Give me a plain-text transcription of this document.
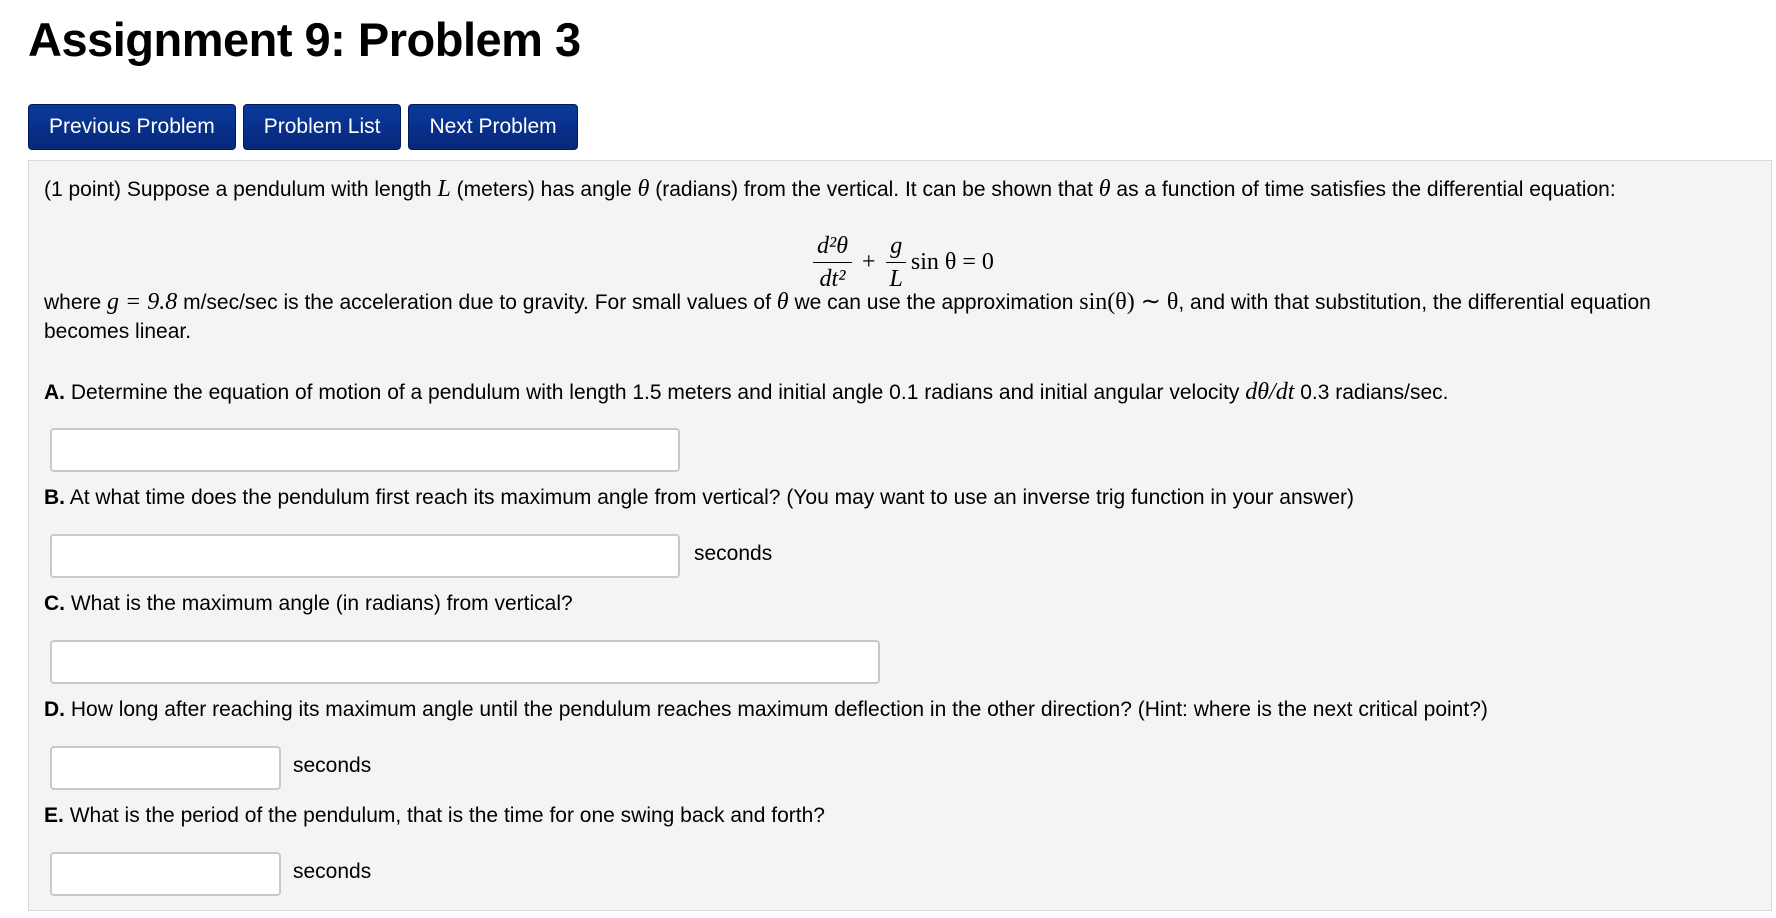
Assignment 9: Problem 3
Previous Problem	Problem List	Next Problem
(1 point) Suppose a pendulum with length L (meters) has angle θ (radians) from the vertical. It can be shown that θ as a function of time satisfies the differential equation:
$\frac{\text{d²θ}}{\text{dt²}} + \frac{g}{L}$ sin θ = 0
where g = 9.8 m/sec/sec is the acceleration due to gravity. For small values of θ we can use the approximation sin(θ) ∼ θ, and with that substitution, the differential equation
becomes linear.
A. Determine the equation of motion of a pendulum with length 1.5 meters and initial angle 0.1 radians and initial angular velocity dθ/dt 0.3 radians/sec.
B. At what time does the pendulum first reach its maximum angle from vertical? (You may want to use an inverse trig function in your answer)
seconds
C. What is the maximum angle (in radians) from vertical?
D. How long after reaching its maximum angle until the pendulum reaches maximum deflection in the other direction? (Hint: where is the next critical point?)
seconds
E. What is the period of the pendulum, that is the time for one swing back and forth?
seconds
